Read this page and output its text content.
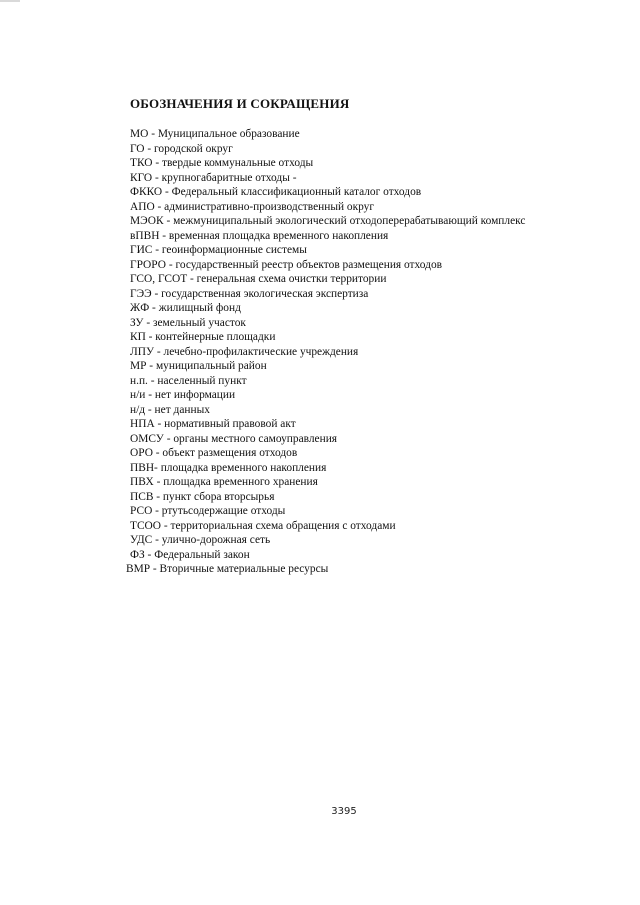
ОБОЗНАЧЕНИЯ И СОКРАЩЕНИЯ
МО - Муниципальное образование
ГО - городской округ
ТКО - твердые коммунальные отходы
КГО - крупногабаритные отходы -
ФККО - Федеральный классификационный каталог отходов
АПО - административно-производственный округ
МЭОК - межмуниципальный экологический отходоперерабатывающий комплекс
вПВН - временная площадка временного накопления
ГИС - геоинформационные системы
ГРОРО - государственный реестр объектов размещения отходов
ГСО, ГСОТ - генеральная схема очистки территории
ГЭЭ - государственная экологическая экспертиза
ЖФ - жилищный фонд
ЗУ - земельный участок
КП - контейнерные площадки
ЛПУ - лечебно-профилактические учреждения
МР - муниципальный район
н.п. - населенный пункт
н/и - нет информации
н/д - нет данных
НПА - нормативный правовой акт
ОМСУ - органы местного самоуправления
ОРО - объект размещения отходов
ПВН- площадка временного накопления
ПВХ - площадка временного хранения
ПСВ - пункт сбора вторсырья
РСО - ртутьсодержащие отходы
ТСОО - территориальная схема обращения с отходами
УДС - улично-дорожная сеть
ФЗ - Федеральный закон
ВМР - Вторичные материальные ресурсы
3395
